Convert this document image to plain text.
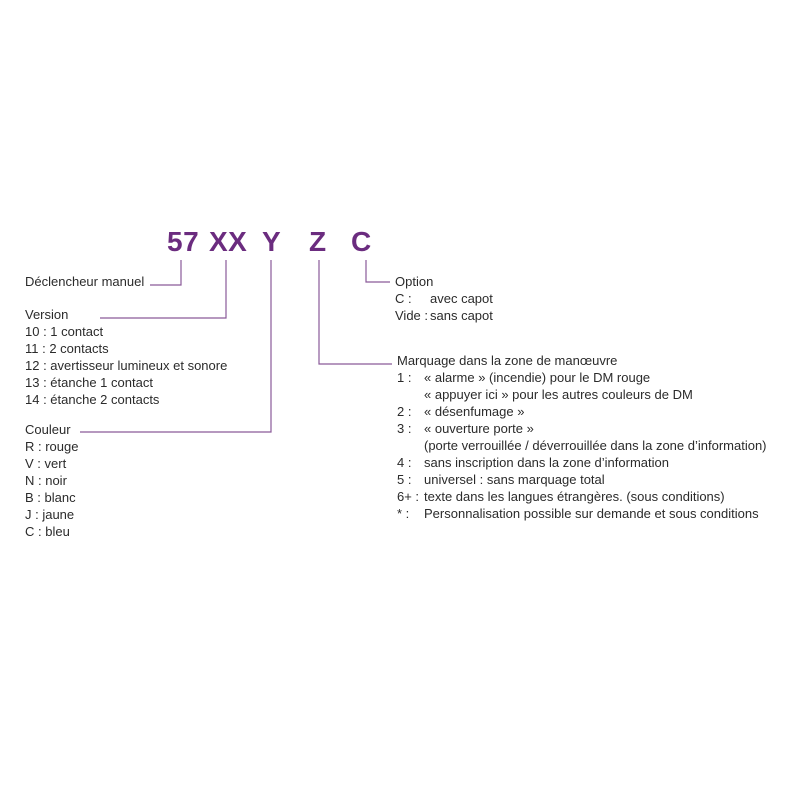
57 XX Y Z C
Déclencheur manuel
Version
10 : 1 contact
11 : 2 contacts
12 : avertisseur lumineux et sonore
13 : étanche 1 contact
14 : étanche 2 contacts
Couleur
R : rouge
V : vert
N : noir
B : blanc
J : jaune
C : bleu
Option
C :	avec capot
Vide : sans capot
Marquage dans la zone de manœuvre
1 : « alarme » (incendie) pour le DM rouge
« appuyer ici » pour les autres couleurs de DM
2 : « désenfumage »
3 : « ouverture porte »
(porte verrouillée / déverrouillée dans la zone d’information)
4 : sans inscription dans la zone d’information
5 : universel : sans marquage total
6+ : texte dans les langues étrangères. (sous conditions)
* :	Personnalisation possible sur demande et sous conditions
